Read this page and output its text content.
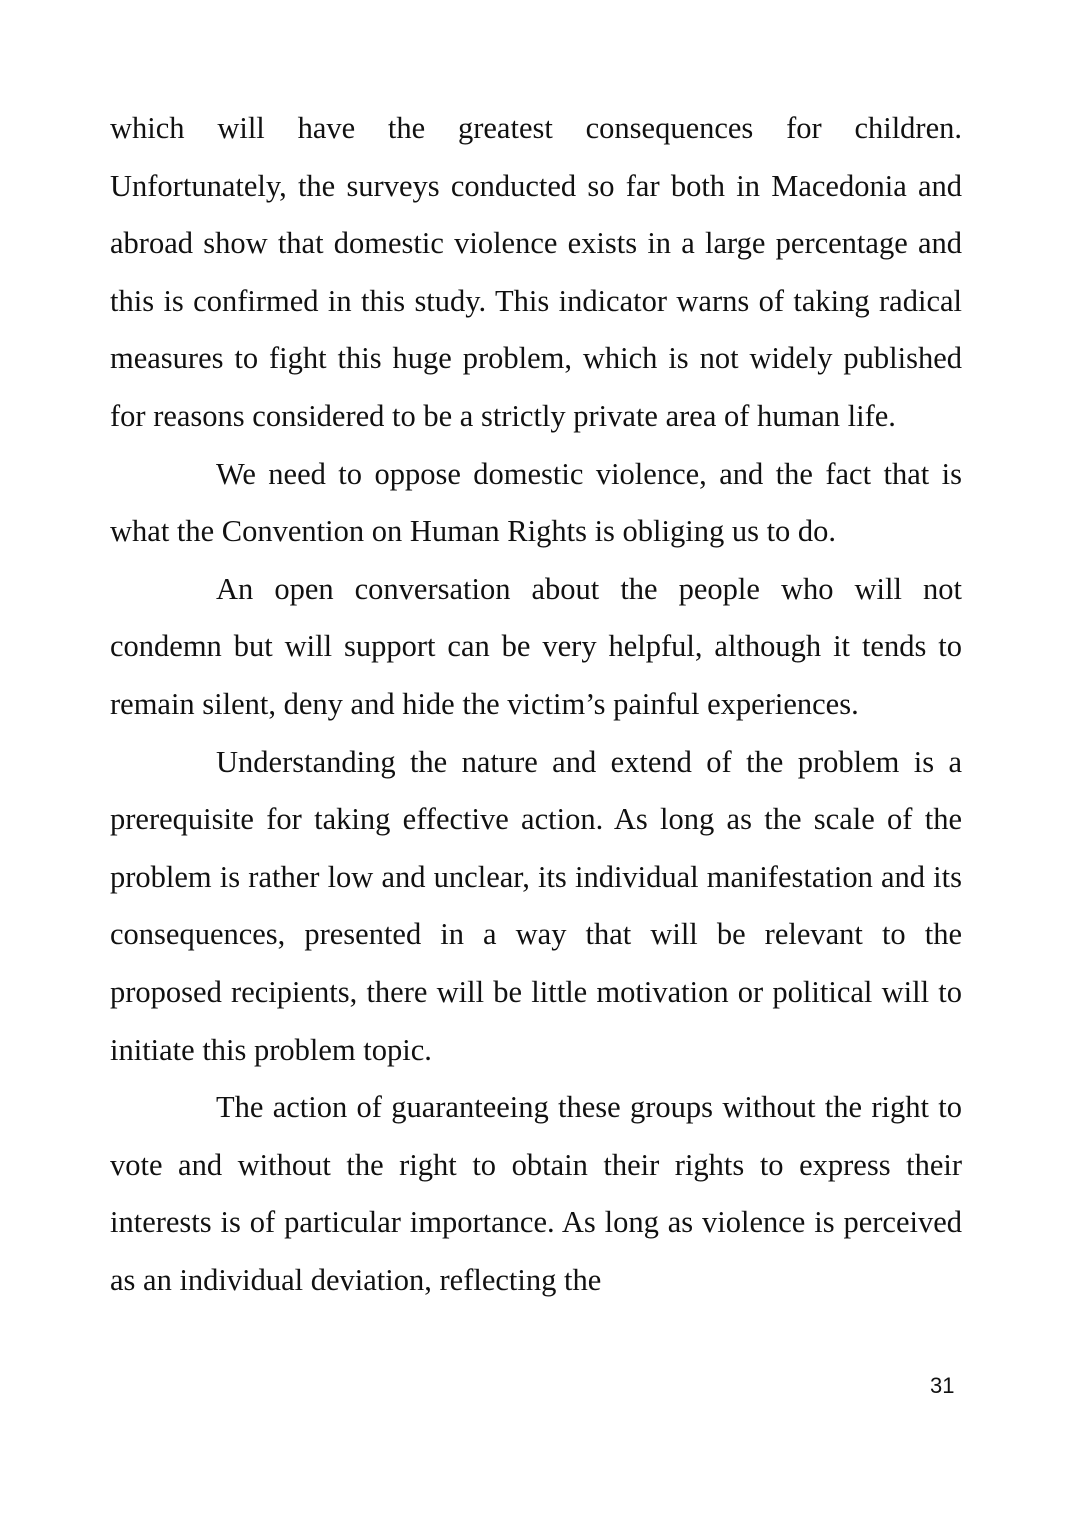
which will have the greatest consequences for children. Unfortunately, the surveys conducted so far both in Macedonia and abroad show that domestic violence exists in a large percentage and this is confirmed in this study. This indicator warns of taking radical measures to fight this huge problem, which is not widely published for reasons considered to be a strictly private area of human life.

We need to oppose domestic violence, and the fact that is what the Convention on Human Rights is obliging us to do.

An open conversation about the people who will not condemn but will support can be very helpful, although it tends to remain silent, deny and hide the victim’s painful experiences.

Understanding the nature and extend of the problem is a prerequisite for taking effective action. As long as the scale of the problem is rather low and unclear, its individual manifestation and its consequences, presented in a way that will be relevant to the proposed recipients, there will be little motivation or political will to initiate this problem topic.

The action of guaranteeing these groups without the right to vote and without the right to obtain their rights to express their interests is of particular importance. As long as violence is perceived as an individual deviation, reflecting the

31
